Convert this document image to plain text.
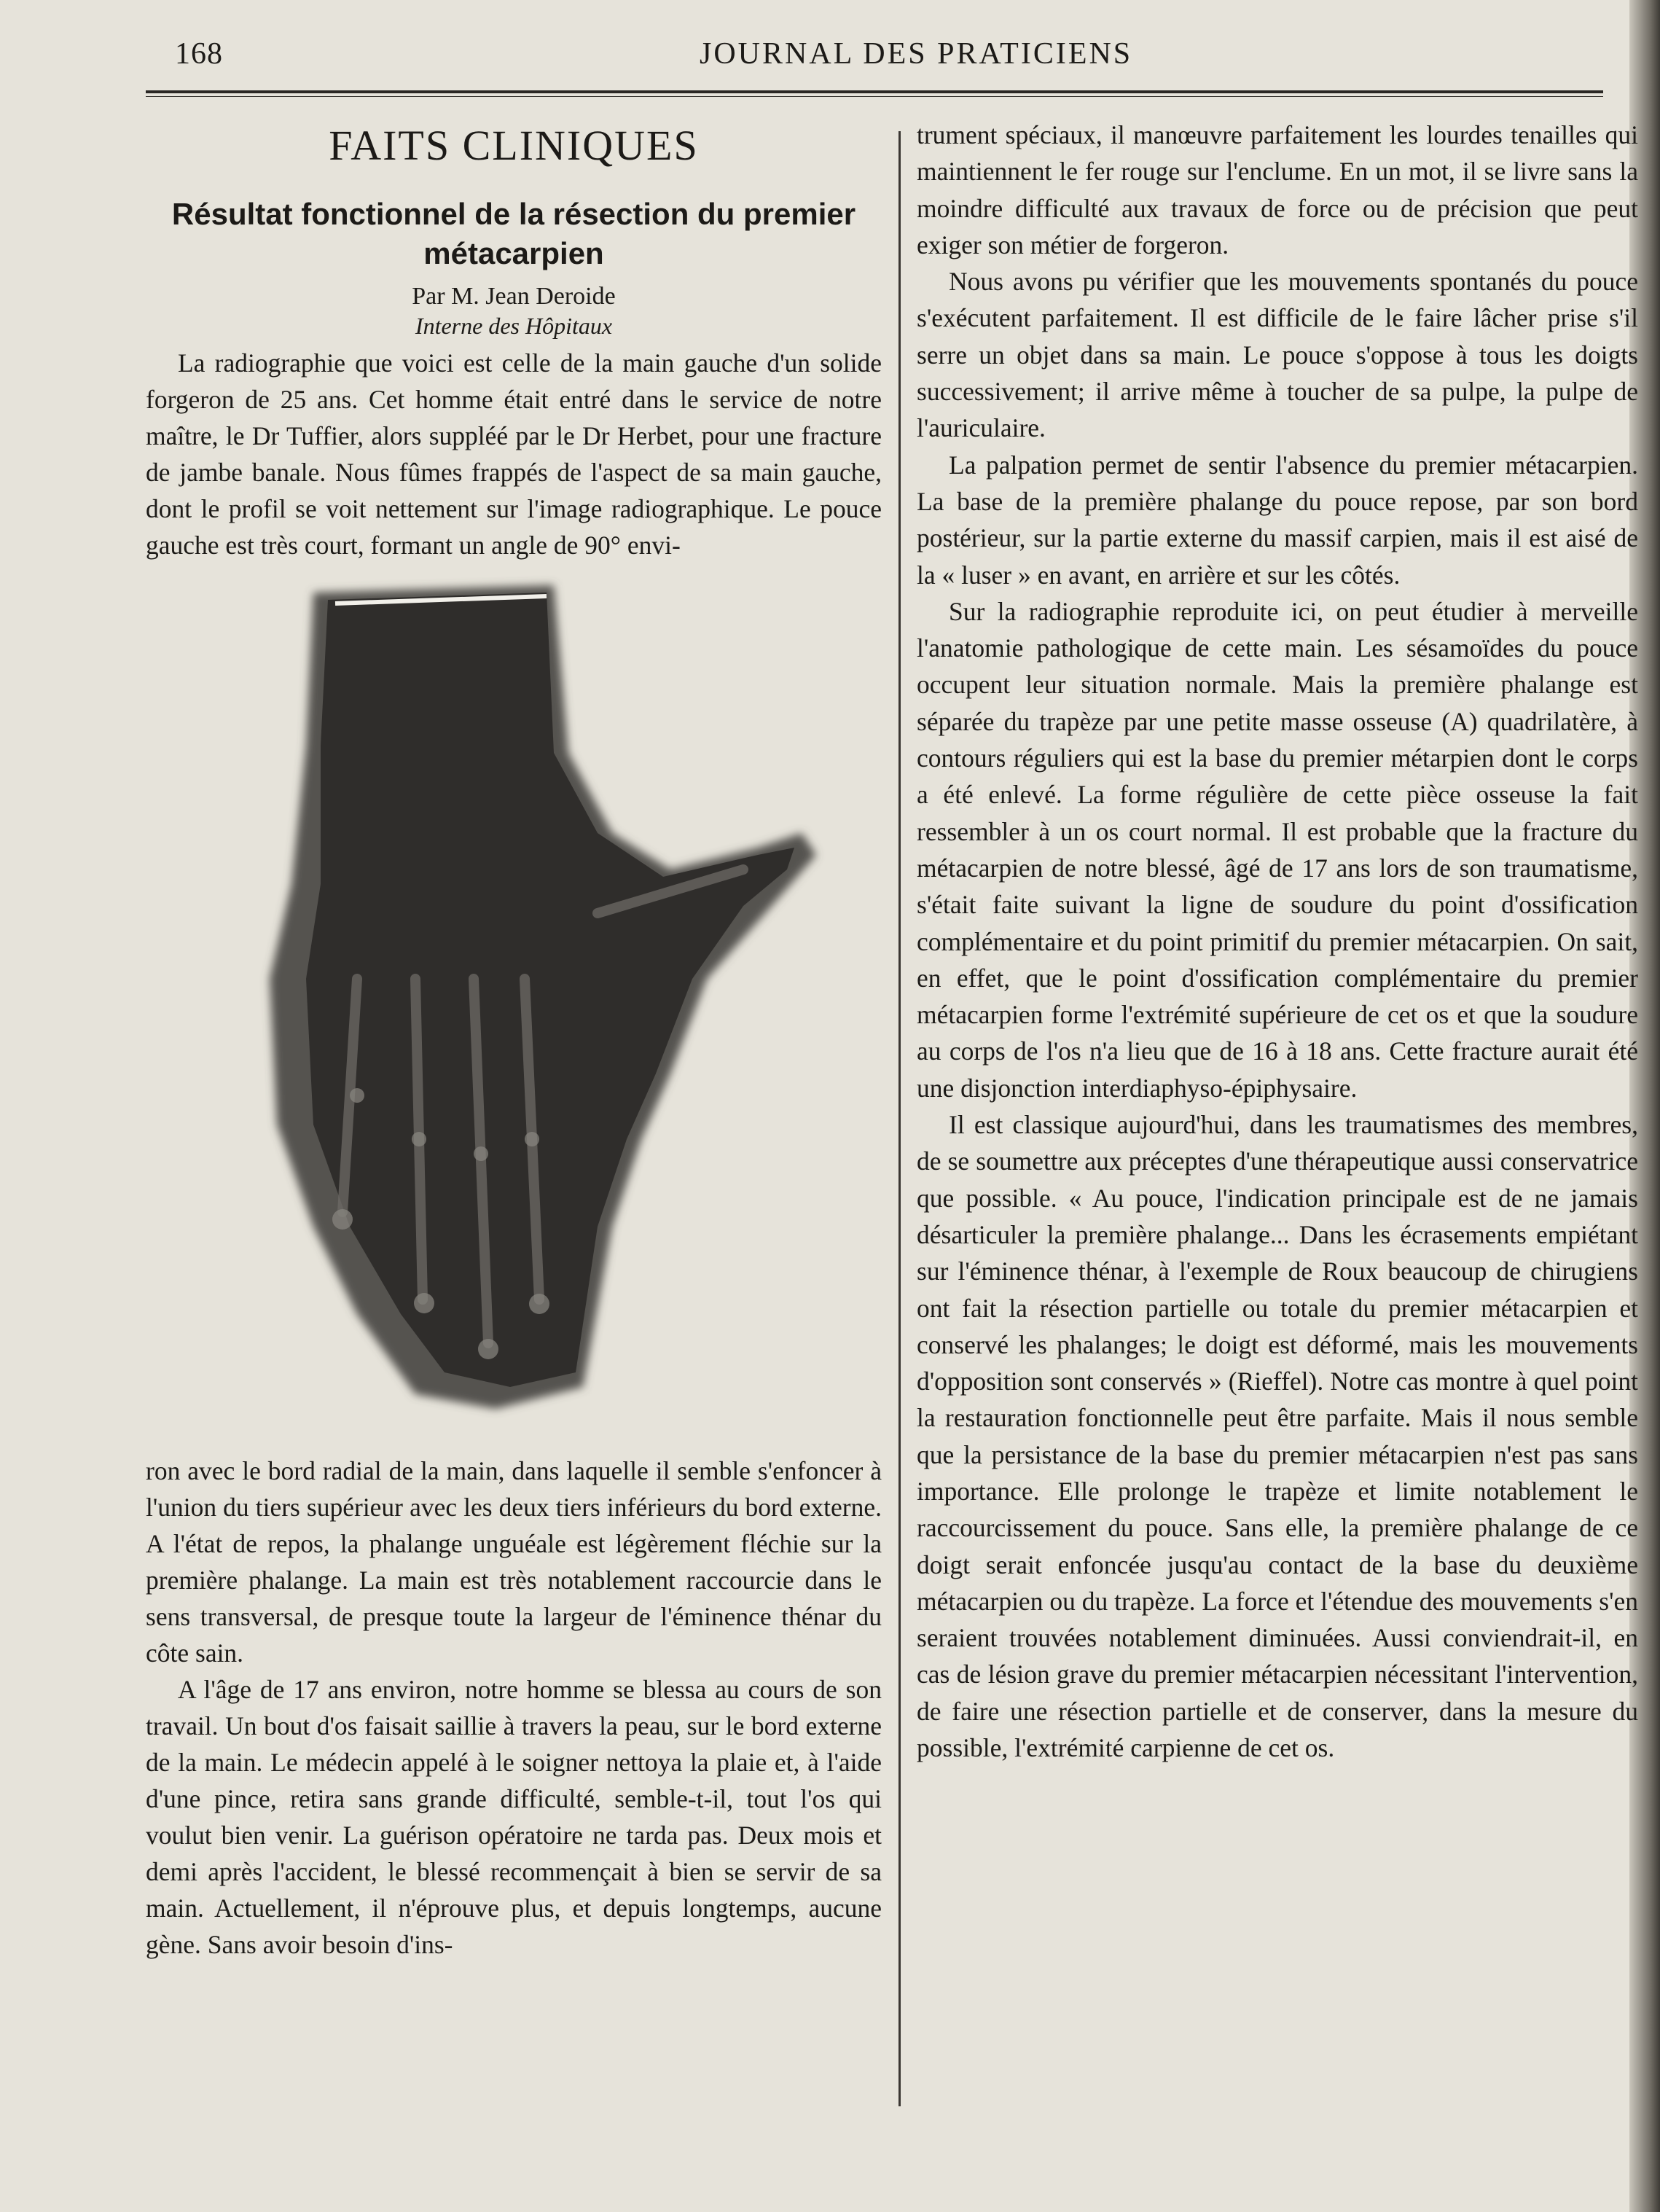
168	JOURNAL DES PRATICIENS
FAITS CLINIQUES
Résultat fonctionnel de la résection du premier métacarpien
Par M. Jean Deroide
Interne des Hôpitaux

La radiographie que voici est celle de la main gauche d'un solide forgeron de 25 ans. Cet homme était entré dans le service de notre maître, le Dr Tuffier, alors suppléé par le Dr Herbet, pour une fracture de jambe banale. Nous fûmes frappés de l'aspect de sa main gauche, dont le profil se voit nettement sur l'image radiographique. Le pouce gauche est très court, formant un angle de 90° envi-

ron avec le bord radial de la main, dans laquelle il semble s'enfoncer à l'union du tiers supérieur avec les deux tiers inférieurs du bord externe. A l'état de repos, la phalange unguéale est légèrement fléchie sur la première phalange. La main est très notablement raccourcie dans le sens transversal, de presque toute la largeur de l'éminence thénar du côte sain.

A l'âge de 17 ans environ, notre homme se blessa au cours de son travail. Un bout d'os faisait saillie à travers la peau, sur le bord externe de la main. Le médecin appelé à le soigner nettoya la plaie et, à l'aide d'une pince, retira sans grande difficulté, semble-t-il, tout l'os qui voulut bien venir. La guérison opératoire ne tarda pas. Deux mois et demi après l'accident, le blessé recommençait à bien se servir de sa main. Actuellement, il n'éprouve plus, et depuis longtemps, aucune gène. Sans avoir besoin d'ins-

trument spéciaux, il manœuvre parfaitement les lourdes tenailles qui maintiennent le fer rouge sur l'enclume. En un mot, il se livre sans la moindre difficulté aux travaux de force ou de précision que peut exiger son métier de forgeron.

Nous avons pu vérifier que les mouvements spontanés du pouce s'exécutent parfaitement. Il est difficile de le faire lâcher prise s'il serre un objet dans sa main. Le pouce s'oppose à tous les doigts successivement; il arrive même à toucher de sa pulpe, la pulpe de l'auriculaire.

La palpation permet de sentir l'absence du premier métacarpien. La base de la première phalange du pouce repose, par son bord postérieur, sur la partie externe du massif carpien, mais il est aisé de la « luser » en avant, en arrière et sur les côtés.

Sur la radiographie reproduite ici, on peut étudier à merveille l'anatomie pathologique de cette main. Les sésamoïdes du pouce occupent leur situation normale. Mais la première phalange est séparée du trapèze par une petite masse osseuse (A) quadrilatère, à contours réguliers qui est la base du premier métarpien dont le corps a été enlevé. La forme régulière de cette pièce osseuse la fait ressembler à un os court normal. Il est probable que la fracture du métacarpien de notre blessé, âgé de 17 ans lors de son traumatisme, s'était faite suivant la ligne de soudure du point d'ossification complémentaire et du point primitif du premier métacarpien. On sait, en effet, que le point d'ossification complémentaire du premier métacarpien forme l'extrémité supérieure de cet os et que la soudure au corps de l'os n'a lieu que de 16 à 18 ans. Cette fracture aurait été une disjonction interdiaphyso-épiphysaire.

Il est classique aujourd'hui, dans les traumatismes des membres, de se soumettre aux préceptes d'une thérapeutique aussi conservatrice que possible. « Au pouce, l'indication principale est de ne jamais désarticuler la première phalange... Dans les écrasements empiétant sur l'éminence thénar, à l'exemple de Roux beaucoup de chirugiens ont fait la résection partielle ou totale du premier métacarpien et conservé les phalanges; le doigt est déformé, mais les mouvements d'opposition sont conservés » (Rieffel). Notre cas montre à quel point la restauration fonctionnelle peut être parfaite. Mais il nous semble que la persistance de la base du premier métacarpien n'est pas sans importance. Elle prolonge le trapèze et limite notablement le raccourcissement du pouce. Sans elle, la première phalange de ce doigt serait enfoncée jusqu'au contact de la base du deuxième métacarpien ou du trapèze. La force et l'étendue des mouvements s'en seraient trouvées notablement diminuées. Aussi conviendrait-il, en cas de lésion grave du premier métacarpien nécessitant l'intervention, de faire une résection partielle et de conserver, dans la mesure du possible, l'extrémité carpienne de cet os.
